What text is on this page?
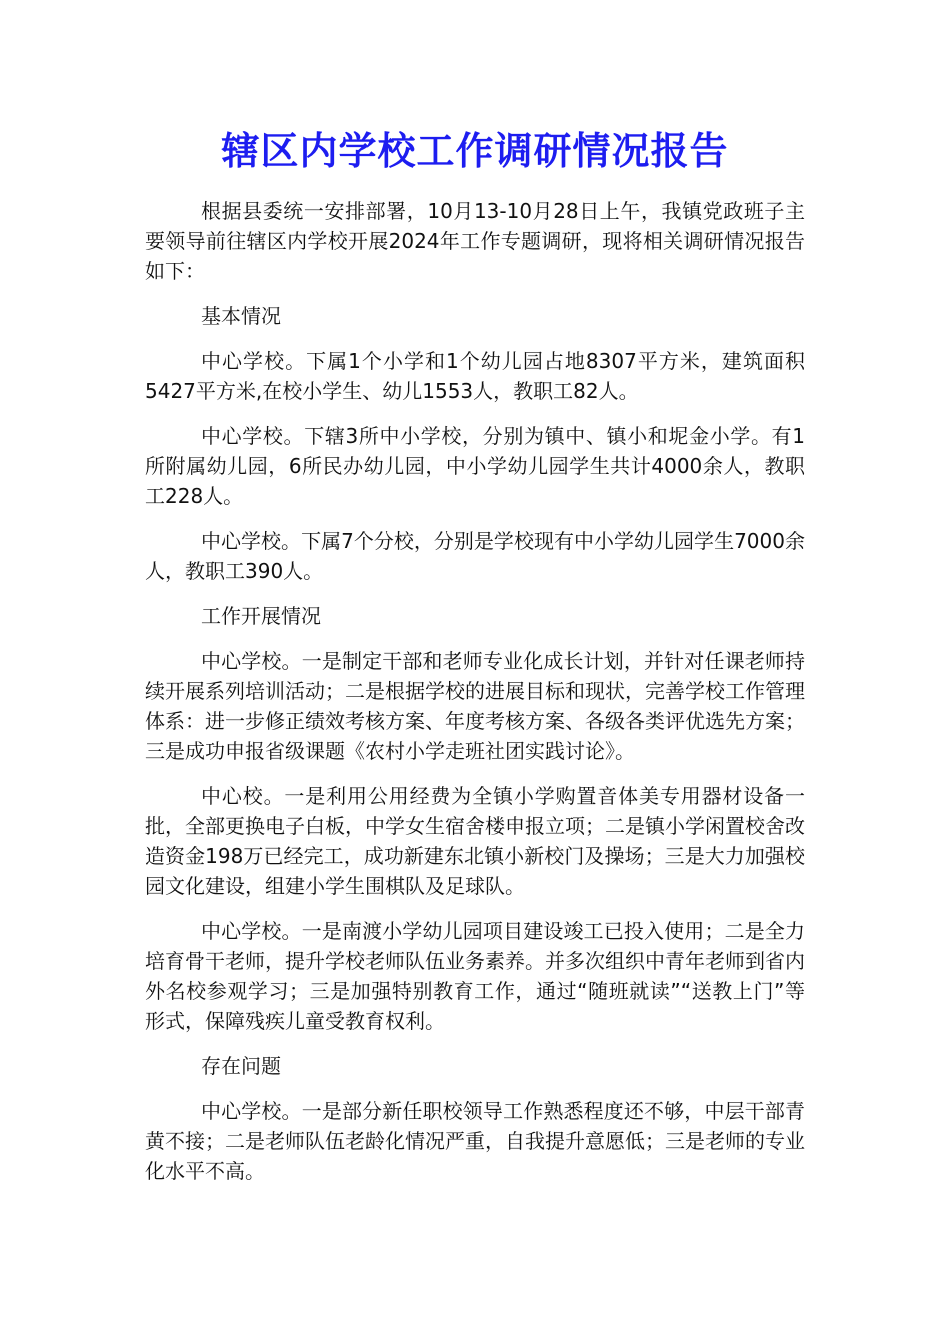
辖区内学校工作调研情况报告

根据县委统一安排部署，10月13-10月28日上午，我镇党政班子主要领导前往辖区内学校开展2024年工作专题调研，现将相关调研情况报告如下：

基本情况

中心学校。下属1个小学和1个幼儿园占地8307平方米，建筑面积5427平方米,在校小学生、幼儿1553人，教职工82人。

中心学校。下辖3所中小学校，分别为镇中、镇小和坭金小学。有1所附属幼儿园，6所民办幼儿园，中小学幼儿园学生共计4000余人，教职工228人。

中心学校。下属7个分校，分别是学校现有中小学幼儿园学生7000余人，教职工390人。

工作开展情况

中心学校。一是制定干部和老师专业化成长计划，并针对任课老师持续开展系列培训活动；二是根据学校的进展目标和现状，完善学校工作管理体系：进一步修正绩效考核方案、年度考核方案、各级各类评优选先方案；三是成功申报省级课题《农村小学走班社团实践讨论》。

中心校。一是利用公用经费为全镇小学购置音体美专用器材设备一批，全部更换电子白板，中学女生宿舍楼申报立项；二是镇小学闲置校舍改造资金198万已经完工，成功新建东北镇小新校门及操场；三是大力加强校园文化建设，组建小学生围棋队及足球队。

中心学校。一是南渡小学幼儿园项目建设竣工已投入使用；二是全力培育骨干老师，提升学校老师队伍业务素养。并多次组织中青年老师到省内外名校参观学习；三是加强特别教育工作，通过“随班就读”“送教上门”等形式，保障残疾儿童受教育权利。

存在问题

中心学校。一是部分新任职校领导工作熟悉程度还不够，中层干部青黄不接；二是老师队伍老龄化情况严重，自我提升意愿低；三是老师的专业化水平不高。
